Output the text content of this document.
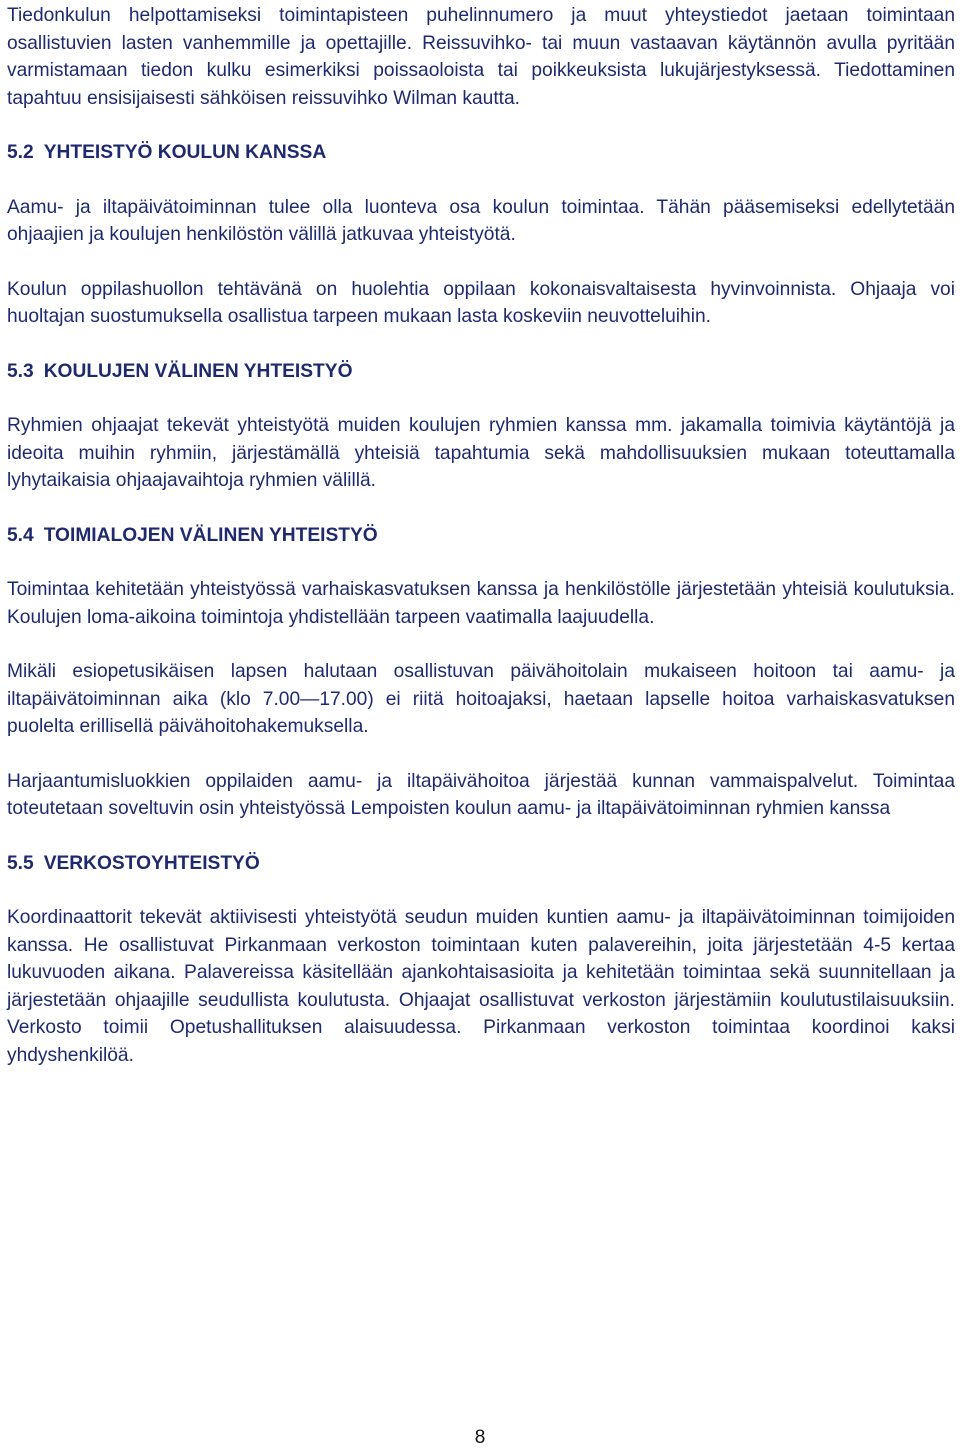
Tiedonkulun helpottamiseksi toimintapisteen puhelinnumero ja muut yhteystiedot jaetaan toimintaan osallistuvien lasten vanhemmille ja opettajille. Reissuvihko- tai muun vastaavan käytännön avulla pyritään varmistamaan tiedon kulku esimerkiksi poissaoloista tai poikkeuksista lukujärjestyksessä. Tiedottaminen tapahtuu ensisijaisesti sähköisen reissuvihko Wilman kautta.

5.2 YHTEISTYÖ KOULUN KANSSA

Aamu- ja iltapäivätoiminnan tulee olla luonteva osa koulun toimintaa. Tähän pääsemiseksi edellytetään ohjaajien ja koulujen henkilöstön välillä jatkuvaa yhteistyötä.

Koulun oppilashuollon tehtävänä on huolehtia oppilaan kokonaisvaltaisesta hyvinvoinnista. Ohjaaja voi huoltajan suostumuksella osallistua tarpeen mukaan lasta koskeviin neuvotteluihin.

5.3 KOULUJEN VÄLINEN YHTEISTYÖ

Ryhmien ohjaajat tekevät yhteistyötä muiden koulujen ryhmien kanssa mm. jakamalla toimivia käytäntöjä ja ideoita muihin ryhmiin, järjestämällä yhteisiä tapahtumia sekä mahdollisuuksien mukaan toteuttamalla lyhytaikaisia ohjaajavaihtoja ryhmien välillä.

5.4 TOIMIALOJEN VÄLINEN YHTEISTYÖ

Toimintaa kehitetään yhteistyössä varhaiskasvatuksen kanssa ja henkilöstölle järjestetään yhteisiä koulutuksia. Koulujen loma-aikoina toimintoja yhdistellään tarpeen vaatimalla laajuudella.

Mikäli esiopetusikäisen lapsen halutaan osallistuvan päivähoitolain mukaiseen hoitoon tai aamu- ja iltapäivätoiminnan aika (klo 7.00—17.00) ei riitä hoitoajaksi, haetaan lapselle hoitoa varhaiskasvatuksen puolelta erillisellä päivähoitohakemuksella.

Harjaantumisluokkien oppilaiden aamu- ja iltapäivähoitoa järjestää kunnan vammaispalvelut. Toimintaa toteutetaan soveltuvin osin yhteistyössä Lempoisten koulun aamu- ja iltapäivätoiminnan ryhmien kanssa

5.5 VERKOSTOYHTEISTYÖ

Koordinaattorit tekevät aktiivisesti yhteistyötä seudun muiden kuntien aamu- ja iltapäivätoiminnan toimijoiden kanssa. He osallistuvat Pirkanmaan verkoston toimintaan kuten palavereihin, joita järjestetään 4-5 kertaa lukuvuoden aikana. Palavereissa käsitellään ajankohtaisasioita ja kehitetään toimintaa sekä suunnitellaan ja järjestetään ohjaajille seudullista koulutusta. Ohjaajat osallistuvat verkoston järjestämiin koulutustilaisuuksiin. Verkosto toimii Opetushallituksen alaisuudessa. Pirkanmaan verkoston toimintaa koordinoi kaksi yhdyshenkilöä.

8
